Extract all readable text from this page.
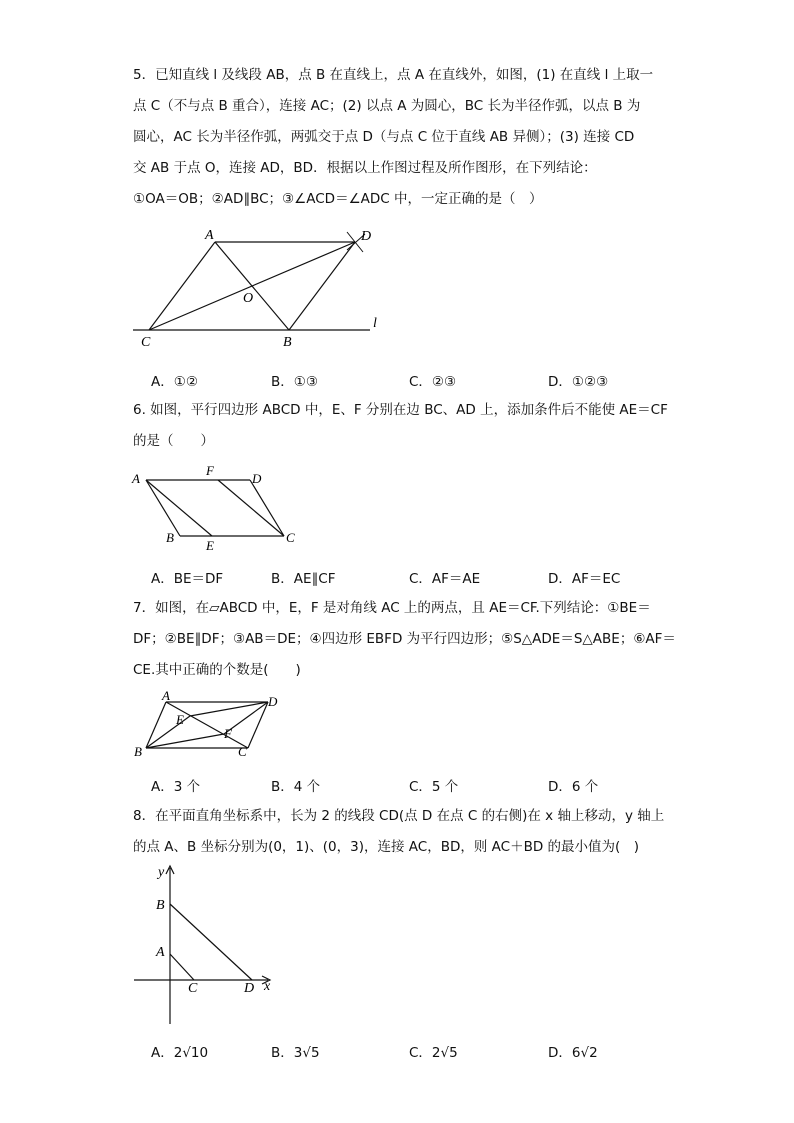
5．已知直线 l 及线段 AB，点 B 在直线上，点 A 在直线外，如图，(1) 在直线 l 上取一
点 C（不与点 B 重合），连接 AC；(2) 以点 A 为圆心，BC 长为半径作弧，以点 B 为
圆心，AC 长为半径作弧，两弧交于点 D（与点 C 位于直线 AB 异侧）；(3) 连接 CD
交 AB 于点 O，连接 AD，BD．根据以上作图过程及所作图形，在下列结论：
①OA＝OB；②AD∥BC；③∠ACD＝∠ADC 中，一定正确的是（　）
A	D
O
C	B
l
A．①②	B．①③	C．②③	D．①②③
6. 如图，平行四边形 ABCD 中，E、F 分别在边 BC、AD 上，添加条件后不能使 AE＝CF
的是（　　）
A
F
D
B
E
C
A．BE＝DF	B．AE∥CF	C．AF＝AE	D．AF＝EC
7．如图，在▱ABCD 中，E，F 是对角线 AC 上的两点，且 AE＝CF.下列结论：①BE＝
DF；②BE∥DF；③AB＝DE；④四边形 EBFD 为平行四边形；⑤S△ADE＝S△ABE；⑥AF＝
CE.其中正确的个数是(　　)
A	D
E
F
B	C
A．3 个	B．4 个	C．5 个	D．6 个
8．在平面直角坐标系中，长为 2 的线段 CD(点 D 在点 C 的右侧)在 x 轴上移动，y 轴上
的点 A、B 坐标分别为(0，1)、(0，3)，连接 AC，BD，则 AC＋BD 的最小值为(　)
y
x
B
A
C	D
A．2√10	B．3√5	C．2√5	D．6√2
